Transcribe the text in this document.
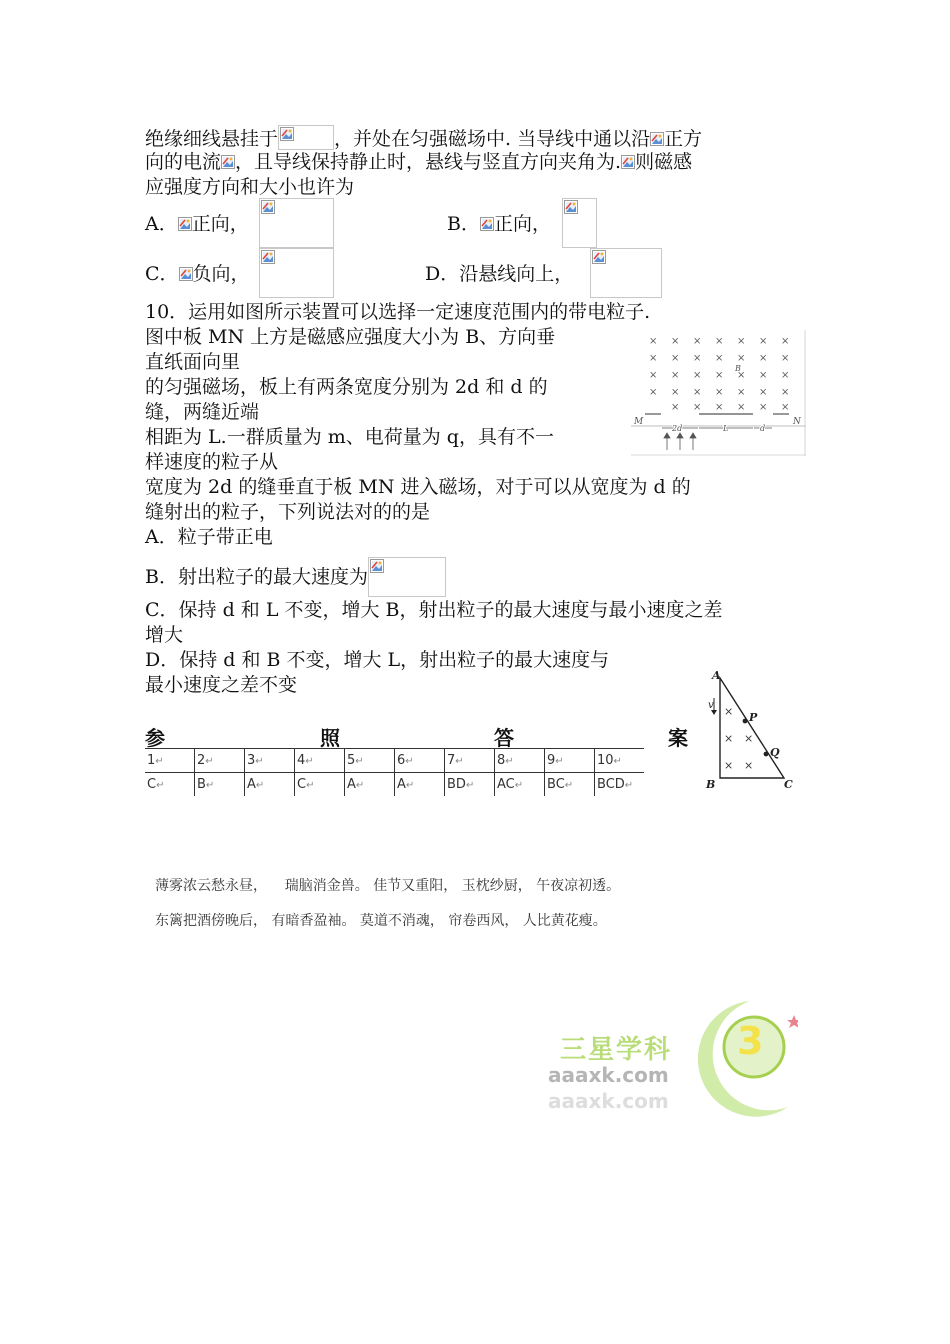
绝缘细线悬挂于	，并处在匀强磁场中. 当导线中通以沿 正方
向的电流 ，且导线保持静止时，悬线与竖直方向夹角为. 则磁感
应强度方向和大小也许为
A． 正向，	B． 正向，
C． 负向，	D．沿悬线向上，
10．运用如图所示装置可以选择一定速度范围内的带电粒子.
图中板 MN 上方是磁感应强度大小为 B、方向垂
直纸面向里
的匀强磁场，板上有两条宽度分别为 2d 和 d 的
缝，两缝近端
相距为 L.一群质量为 m、电荷量为 q，具有不一
样速度的粒子从
宽度为 2d 的缝垂直于板 MN 进入磁场，对于可以从宽度为 d 的
缝射出的粒子，下列说法对的的是
A．粒子带正电
B．射出粒子的最大速度为
C．保持 d 和 L 不变，增大 B，射出粒子的最大速度与最小速度之差
增大
D．保持 d 和 B 不变，增大 L，射出粒子的最大速度与
最小速度之差不变
× × × × × × ×
× × × × × × ×
× × × × × × ×
× × × × × × ×
× × × × × ×
B
M	N
2d	L	d
v
A
B	C
P
Q
×
× ×
× ×
参	照	答	案
1↵	2↵	3↵	4↵	5↵	6↵	7↵	8↵	9↵	10↵
C↵	B↵	A↵	C↵	A↵	A↵	BD↵	AC↵	BC↵	BCD↵
薄雾浓云愁永昼，    瑞脑消金兽。 佳节又重阳， 玉枕纱厨， 午夜凉初透。
东篱把酒傍晚后， 有暗香盈袖。 莫道不消魂， 帘卷西风， 人比黄花瘦。
3
三星学科
aaaxk.com
aaaxk.com
